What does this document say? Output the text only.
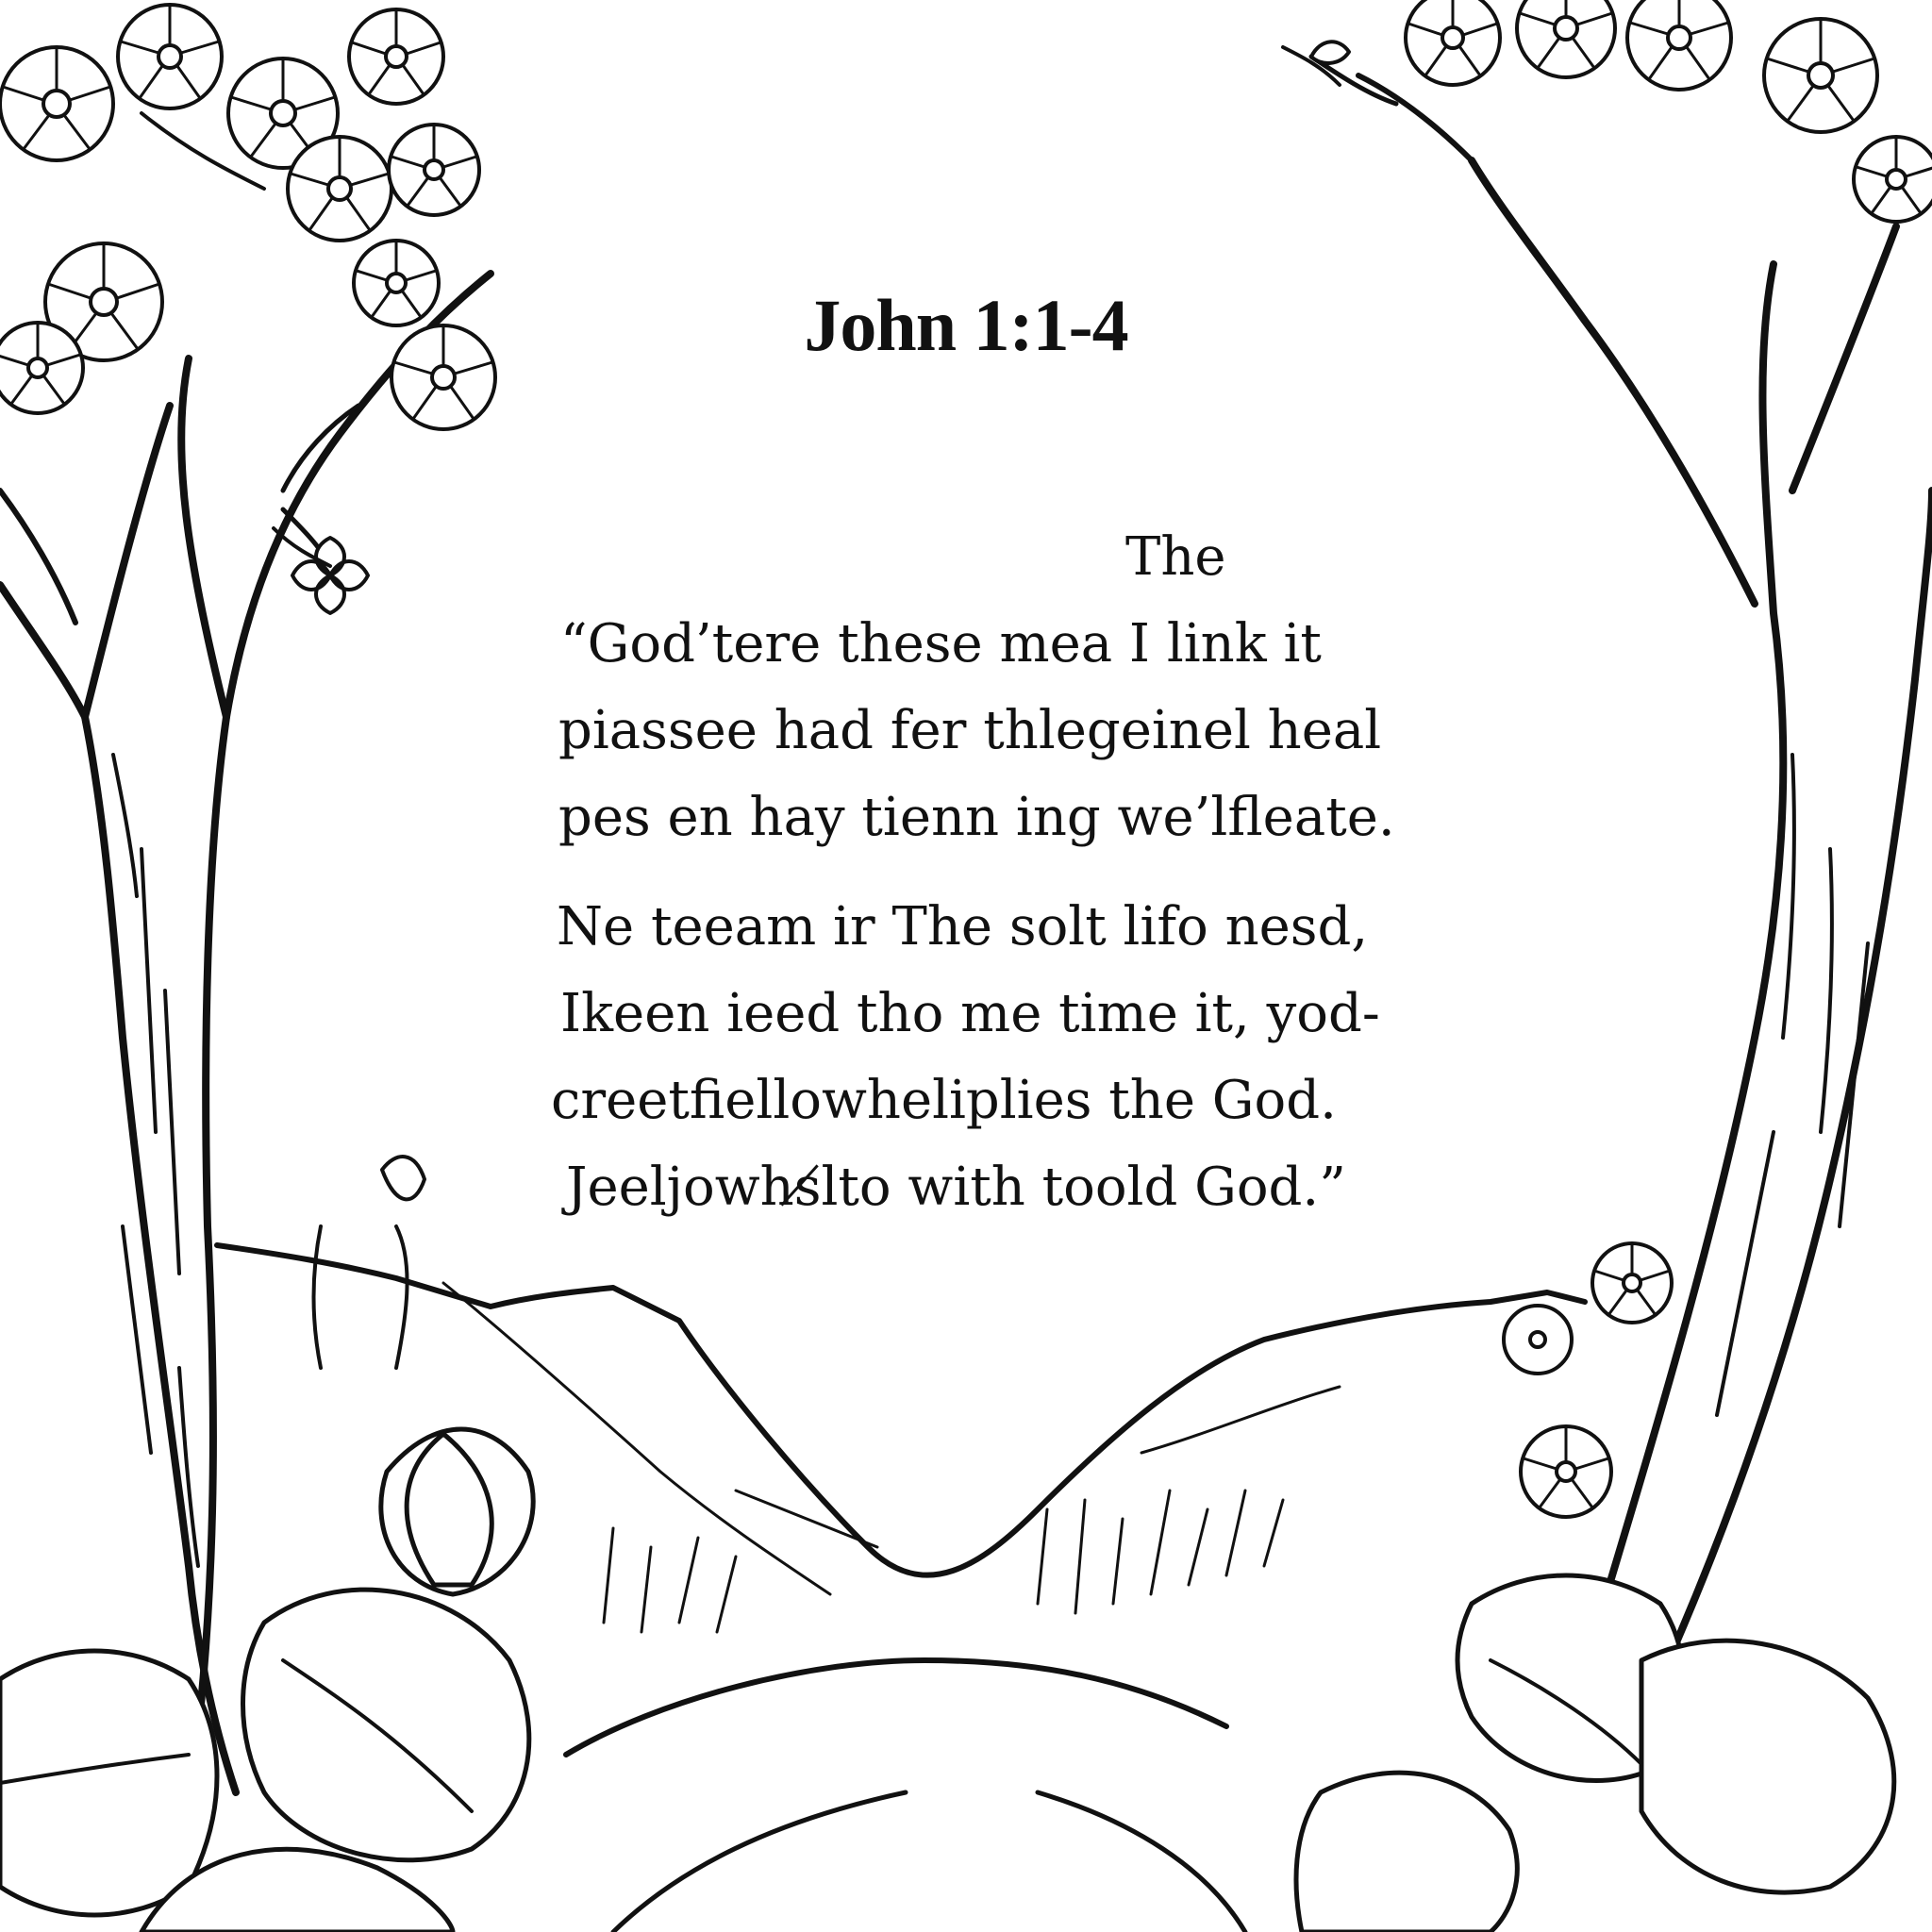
John 1:1-4
The
“God’tere these mea I link it
piassee had fer thlegeinel heal
pes en hay tienn ing we’lfleate.
Ne teeam ir The solt lifo nesd,
Ikeen ieed tho me time it, yod-
creetfiellowheliplies the God.
Jeeljowhs̸lto with toold God.”
